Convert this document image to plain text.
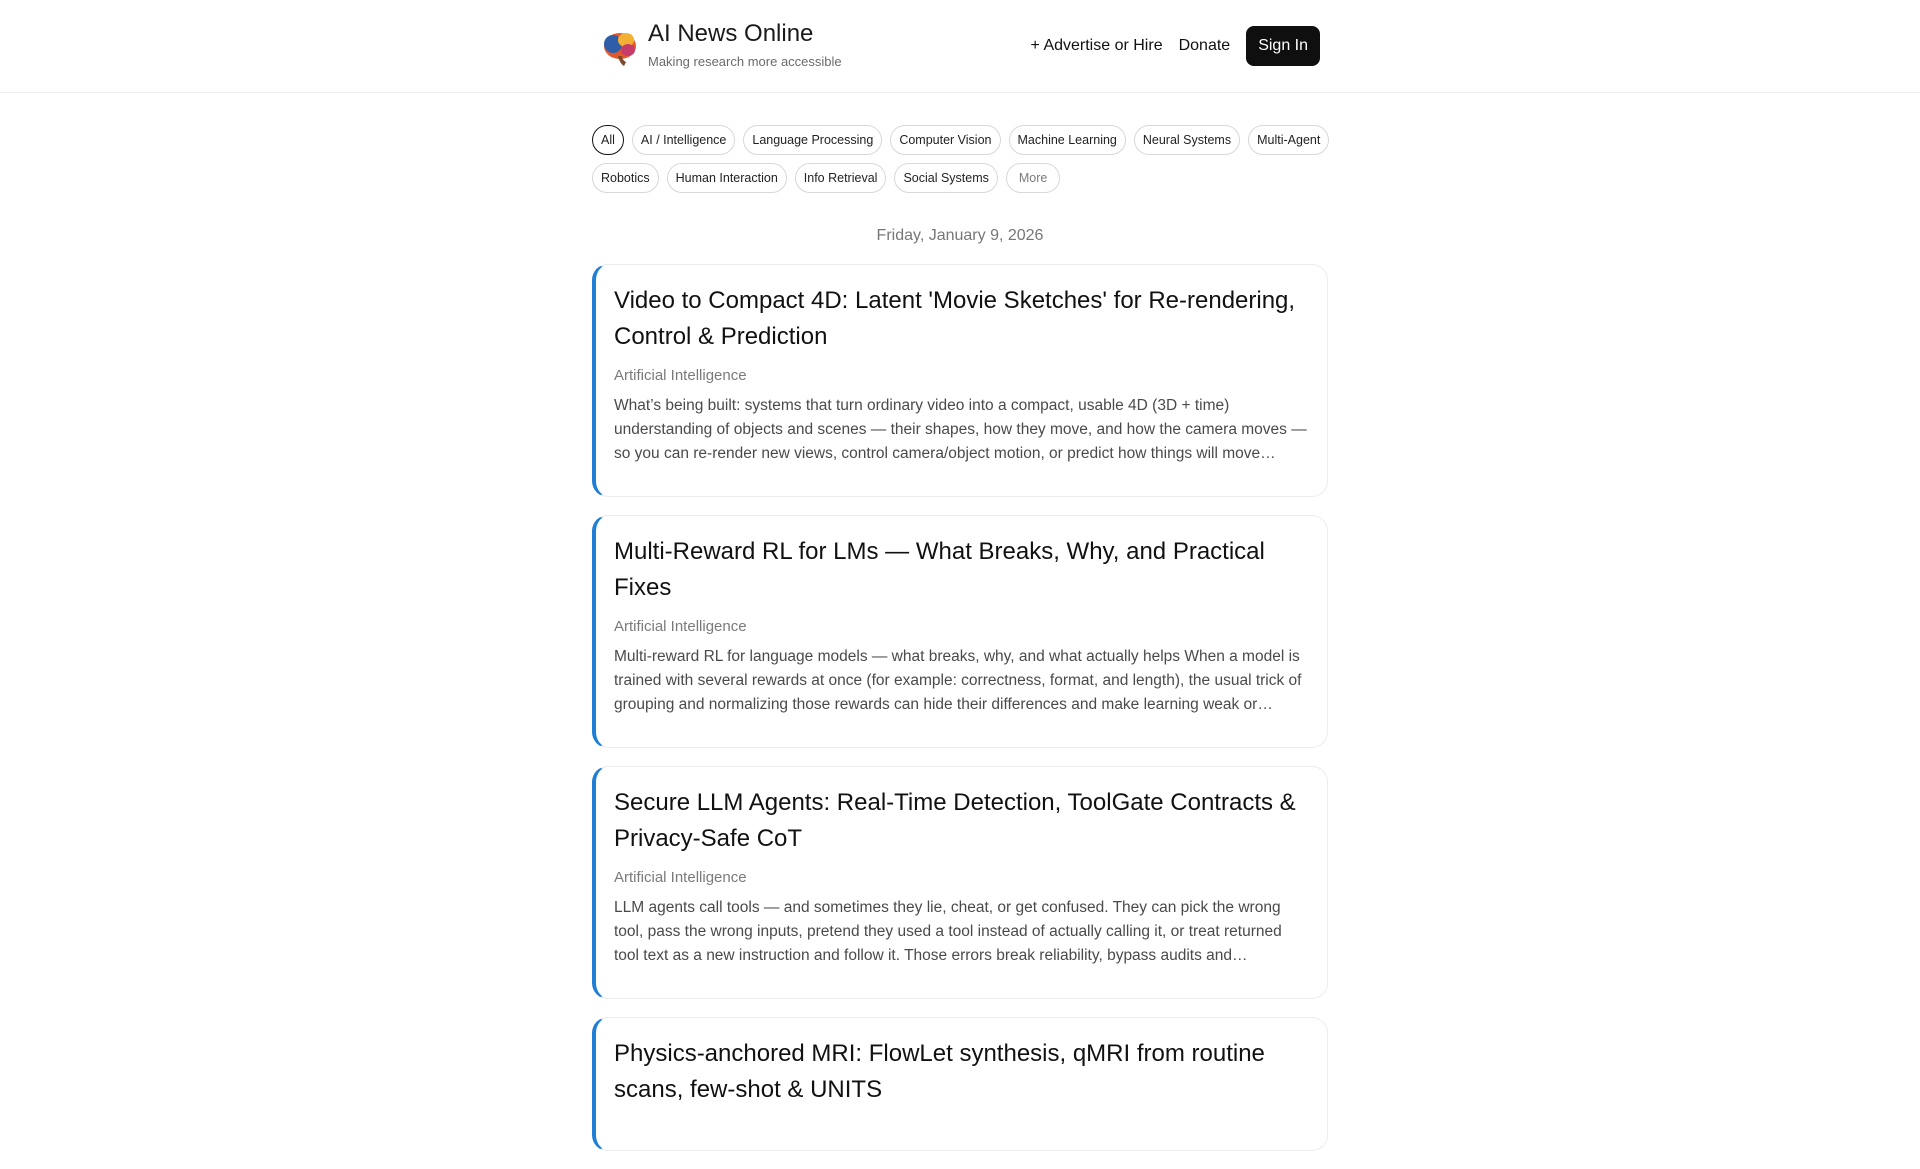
AI News Online
Making research more accessible
+ Advertise or Hire Donate	Sign In
All	AI / Intelligence	Language Processing	Computer Vision	Machine Learning	Neural Systems	Multi-Agent
Robotics	Human Interaction	Info Retrieval	Social Systems	More
Friday, January 9, 2026
Video to Compact 4D: Latent 'Movie Sketches' for Re-rendering, Control & Prediction
Artificial Intelligence
What’s being built: systems that turn ordinary video into a compact, usable 4D (3D + time) understanding of objects and scenes — their shapes, how they move, and how the camera moves — so you can re-render new views, control camera/object motion, or predict how things will move…
Multi-Reward RL for LMs — What Breaks, Why, and Practical Fixes
Artificial Intelligence
Multi-reward RL for language models — what breaks, why, and what actually helps When a model is trained with several rewards at once (for example: correctness, format, and length), the usual trick of grouping and normalizing those rewards can hide their differences and make learning weak or…
Secure LLM Agents: Real-Time Detection, ToolGate Contracts & Privacy-Safe CoT
Artificial Intelligence
LLM agents call tools — and sometimes they lie, cheat, or get confused. They can pick the wrong tool, pass the wrong inputs, pretend they used a tool instead of actually calling it, or treat returned tool text as a new instruction and follow it. Those errors break reliability, bypass audits and…
Physics-anchored MRI: FlowLet synthesis, qMRI from routine scans, few-shot & UNITS
